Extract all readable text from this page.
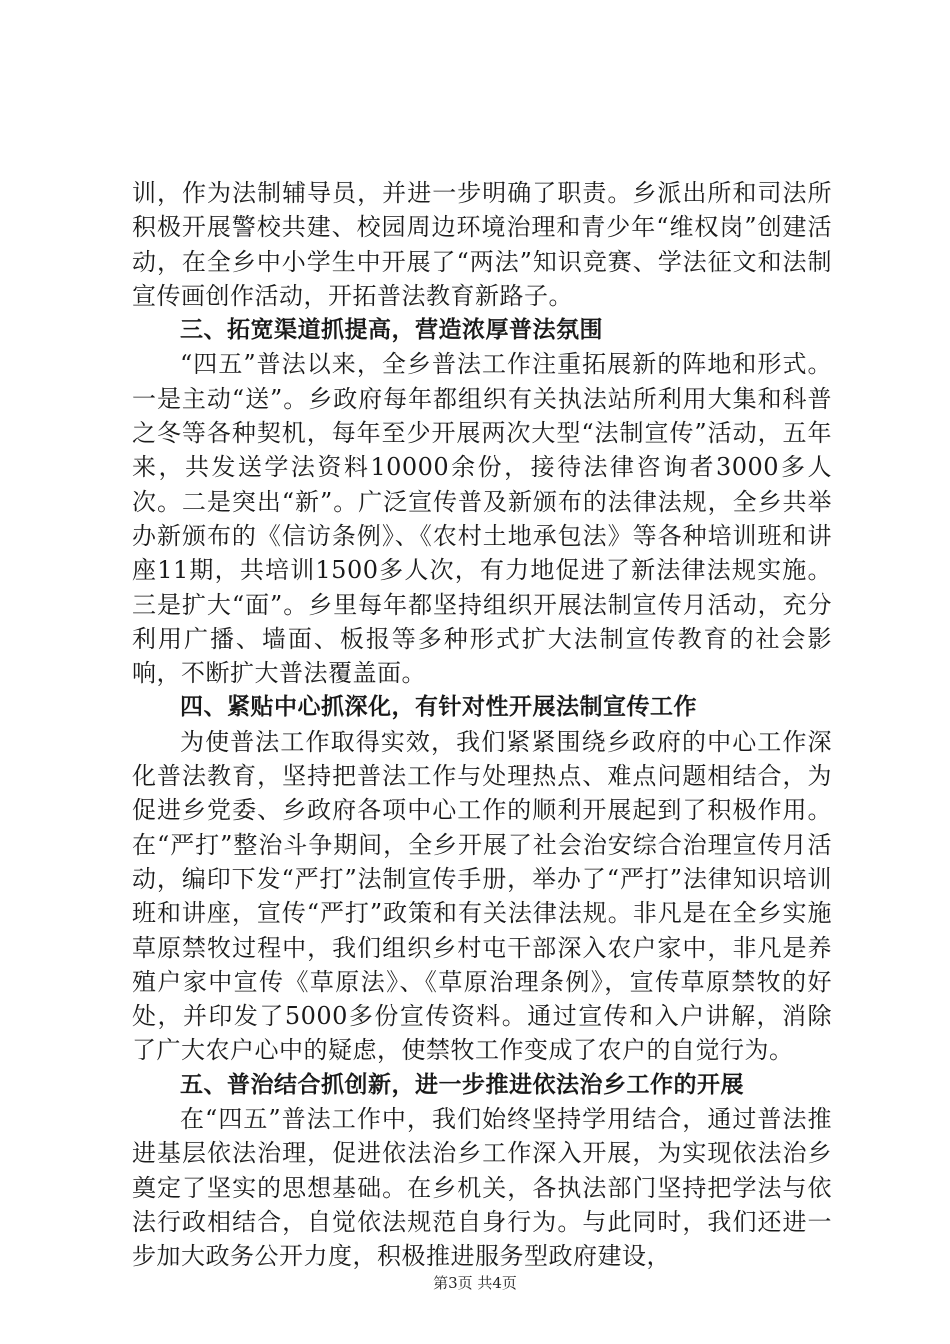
训，作为法制辅导员，并进一步明确了职责。乡派出所和司法所积极开展警校共建、校园周边环境治理和青少年“维权岗”创建活动，在全乡中小学生中开展了“两法”知识竞赛、学法征文和法制宣传画创作活动，开拓普法教育新路子。

三、拓宽渠道抓提高，营造浓厚普法氛围

“四五”普法以来，全乡普法工作注重拓展新的阵地和形式。一是主动“送”。乡政府每年都组织有关执法站所利用大集和科普之冬等各种契机，每年至少开展两次大型“法制宣传”活动，五年来，共发送学法资料10000余份，接待法律咨询者3000多人次。二是突出“新”。广泛宣传普及新颁布的法律法规，全乡共举办新颁布的《信访条例》、《农村土地承包法》等各种培训班和讲座11期，共培训1500多人次，有力地促进了新法律法规实施。三是扩大“面”。乡里每年都坚持组织开展法制宣传月活动，充分利用广播、墙面、板报等多种形式扩大法制宣传教育的社会影响，不断扩大普法覆盖面。

四、紧贴中心抓深化，有针对性开展法制宣传工作

为使普法工作取得实效，我们紧紧围绕乡政府的中心工作深化普法教育，坚持把普法工作与处理热点、难点问题相结合，为促进乡党委、乡政府各项中心工作的顺利开展起到了积极作用。在“严打”整治斗争期间，全乡开展了社会治安综合治理宣传月活动，编印下发“严打”法制宣传手册，举办了“严打”法律知识培训班和讲座，宣传“严打”政策和有关法律法规。非凡是在全乡实施草原禁牧过程中，我们组织乡村屯干部深入农户家中，非凡是养殖户家中宣传《草原法》、《草原治理条例》，宣传草原禁牧的好处，并印发了5000多份宣传资料。通过宣传和入户讲解，消除了广大农户心中的疑虑，使禁牧工作变成了农户的自觉行为。

五、普治结合抓创新，进一步推进依法治乡工作的开展

在“四五”普法工作中，我们始终坚持学用结合，通过普法推进基层依法治理，促进依法治乡工作深入开展，为实现依法治乡奠定了坚实的思想基础。在乡机关，各执法部门坚持把学法与依法行政相结合，自觉依法规范自身行为。与此同时，我们还进一步加大政务公开力度，积极推进服务型政府建设，

第3页 共4页
